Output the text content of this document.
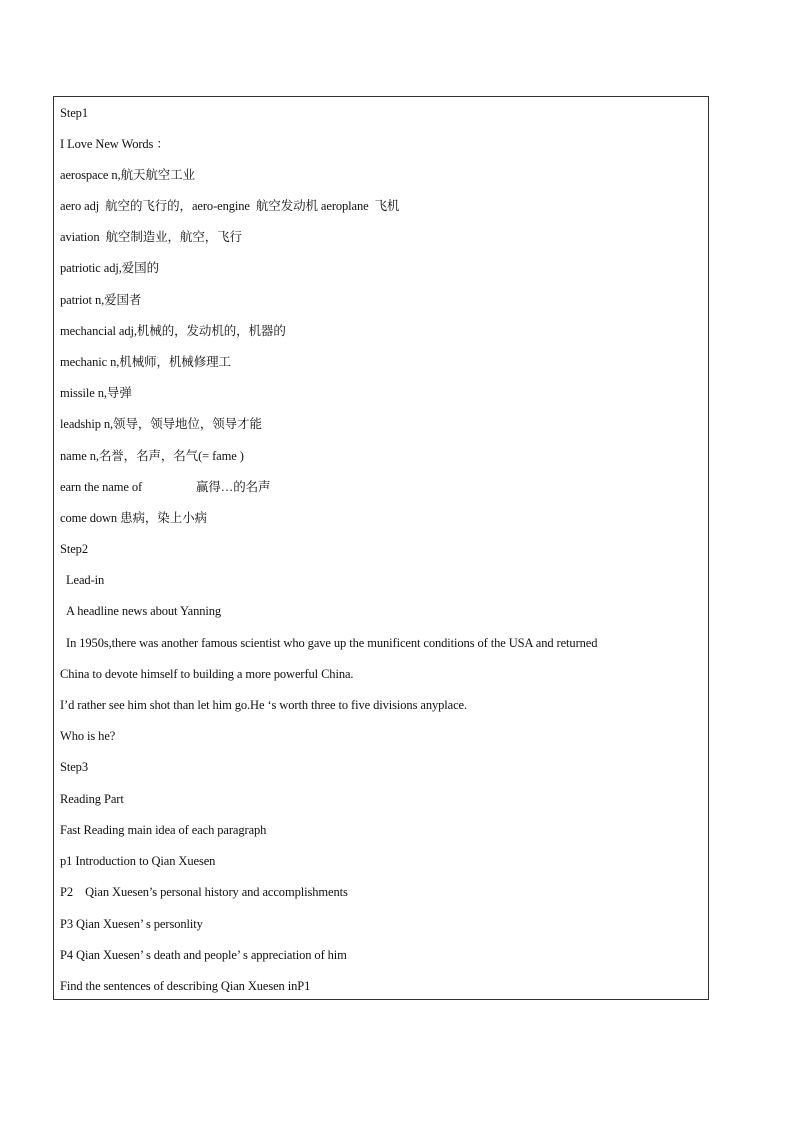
Step1
I Love New Words ：
aerospace n,航天航空工业
aero adj  航空的飞行的，aero-engine  航空发动机 aeroplane  飞机
aviation  航空制造业，航空，飞行
patriotic adj,爱国的
patriot n,爱国者
mechancial adj,机械的，发动机的，机器的
mechanic n,机械师，机械修理工
missile n,导弹
leadship n,领导，领导地位，领导才能
name n,名誉，名声，名气(= fame )
earn the name of	赢得…的名声
come down 患病，染上小病
Step2
Lead-in
A headline news about Yanning
In 1950s,there was another famous scientist who gave up the munificent conditions of the USA and returned
China to devote himself to building a more powerful China.
I’d rather see him shot than let him go.He ‘s worth three to five divisions anyplace.
Who is he?
Step3
Reading Part
Fast Reading main idea of each paragraph
p1 Introduction to Qian Xuesen
P2    Qian Xuesen’s personal history and accomplishments
P3 Qian Xuesen’ s personlity
P4 Qian Xuesen’ s death and people’ s appreciation of him
Find the sentences of describing Qian Xuesen inP1
